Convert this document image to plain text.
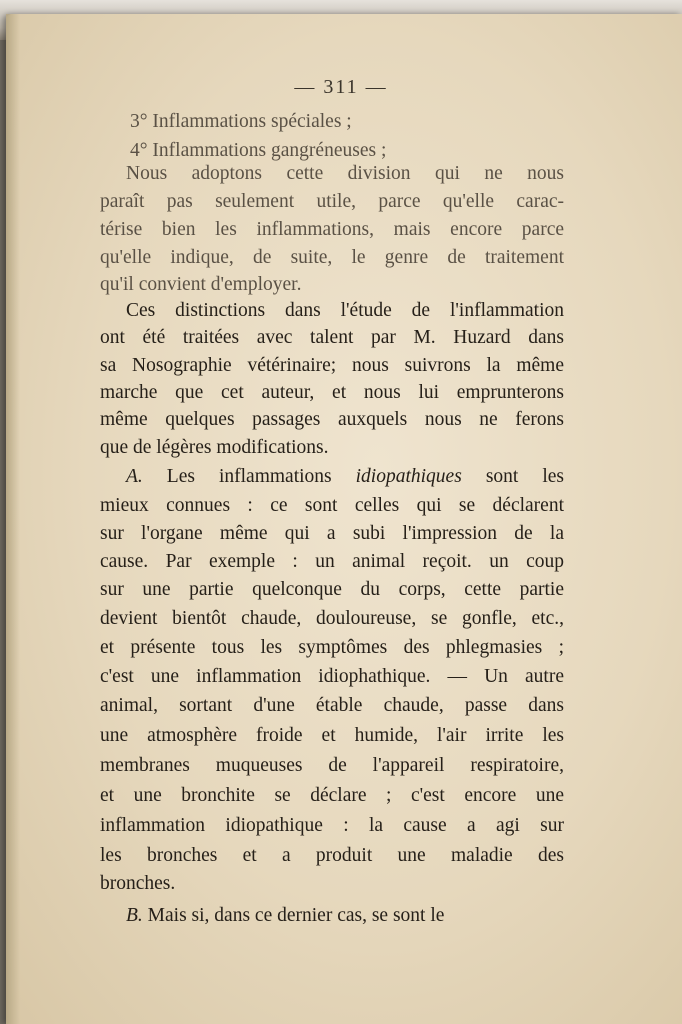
— 311 —

3° Inflammations spéciales ;

4° Inflammations gangréneuses ;

Nous adoptons cette division qui ne nous

paraît pas seulement utile, parce qu'elle carac-

térise bien les inflammations, mais encore parce

qu'elle indique, de suite, le genre de traitement

qu'il convient d'employer.

Ces distinctions dans l'étude de l'inflammation

ont été traitées avec talent par M. Huzard dans

sa Nosographie vétérinaire; nous suivrons la même

marche que cet auteur, et nous lui emprunterons

même quelques passages auxquels nous ne ferons

que de légères modifications.

A. Les inflammations idiopathiques sont les

mieux connues : ce sont celles qui se déclarent

sur l'organe même qui a subi l'impression de la

cause. Par exemple : un animal reçoit. un coup

sur une partie quelconque du corps, cette partie

devient bientôt chaude, douloureuse, se gonfle, etc.,

et présente tous les symptômes des phlegmasies ;

c'est une inflammation idiophathique. — Un autre

animal, sortant d'une étable chaude, passe dans

une atmosphère froide et humide, l'air irrite les

membranes muqueuses de l'appareil respiratoire,

et une bronchite se déclare ; c'est encore une

inflammation idiopathique : la cause a agi sur

les bronches et a produit une maladie des

bronches.

B. Mais si, dans ce dernier cas, se sont le
